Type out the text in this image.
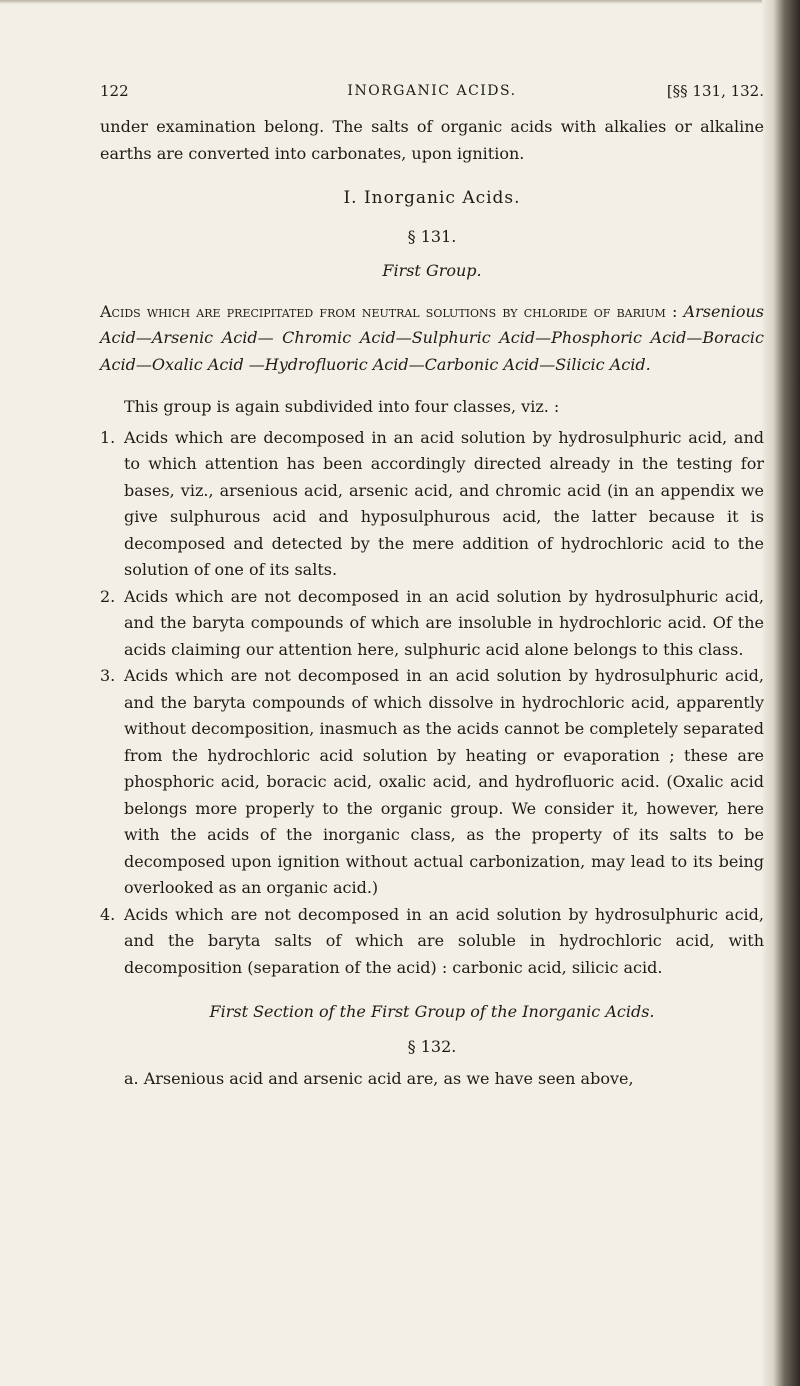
122	INORGANIC ACIDS.	[§§ 131, 132.

under examination belong. The salts of organic acids with alkalies or alkaline earths are converted into carbonates, upon ignition.

I. Inorganic Acids.
§ 131.
First Group.

Acids which are precipitated from neutral solutions by chloride of barium : Arsenious Acid—Arsenic Acid— Chromic Acid—Sulphuric Acid—Phosphoric Acid—Boracic Acid—Oxalic Acid —Hydrofluoric Acid—Carbonic Acid—Silicic Acid.

This group is again subdivided into four classes, viz. :

1. Acids which are decomposed in an acid solution by hydrosulphuric acid, and to which attention has been accordingly directed already in the testing for bases, viz., arsenious acid, arsenic acid, and chromic acid (in an appendix we give sulphurous acid and hyposulphurous acid, the latter because it is decomposed and detected by the mere addition of hydrochloric acid to the solution of one of its salts.
2. Acids which are not decomposed in an acid solution by hydrosulphuric acid, and the baryta compounds of which are insoluble in hydrochloric acid. Of the acids claiming our attention here, sulphuric acid alone belongs to this class.
3. Acids which are not decomposed in an acid solution by hydrosulphuric acid, and the baryta compounds of which dissolve in hydrochloric acid, apparently without decomposition, inasmuch as the acids cannot be completely separated from the hydrochloric acid solution by heating or evaporation ; these are phosphoric acid, boracic acid, oxalic acid, and hydrofluoric acid. (Oxalic acid belongs more properly to the organic group. We consider it, however, here with the acids of the inorganic class, as the property of its salts to be decomposed upon ignition without actual carbonization, may lead to its being overlooked as an organic acid.)
4. Acids which are not decomposed in an acid solution by hydrosulphuric acid, and the baryta salts of which are soluble in hydrochloric acid, with decomposition (separation of the acid) : carbonic acid, silicic acid.
First Section of the First Group of the Inorganic Acids.
§ 132.

a. Arsenious acid and arsenic acid are, as we have seen above,
